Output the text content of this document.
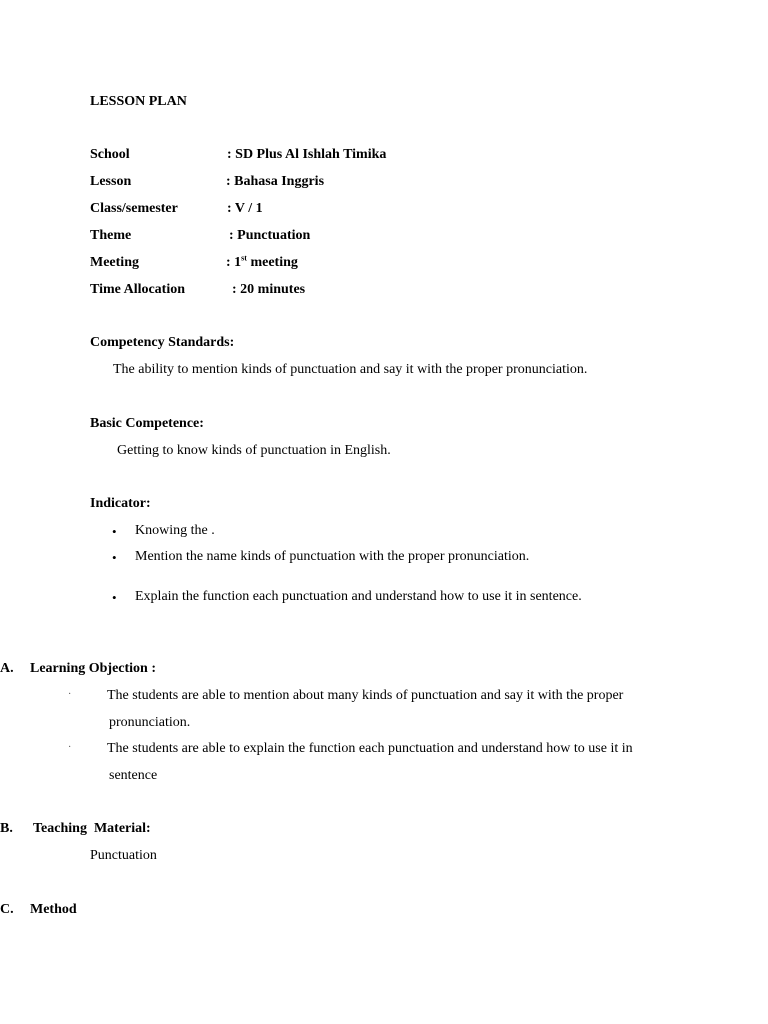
LESSON PLAN
School	: SD Plus Al Ishlah Timika
Lesson	: Bahasa Inggris
Class/semester	: V / 1
Theme	: Punctuation
Meeting	: 1st meeting
Time Allocation	: 20 minutes
Competency Standards:
The ability to mention kinds of punctuation and say it with the proper pronunciation.
Basic Competence:
Getting to know kinds of punctuation in English.
Indicator:
• Knowing the .
• Mention the name kinds of punctuation with the proper pronunciation.
• Explain the function each punctuation and understand how to use it in sentence.
A. Learning Objection :
·	The students are able to mention about many kinds of punctuation and say it with the proper
pronunciation.
·	The students are able to explain the function each punctuation and understand how to use it in
sentence
B. Teaching  Material:
Punctuation
C. Method
